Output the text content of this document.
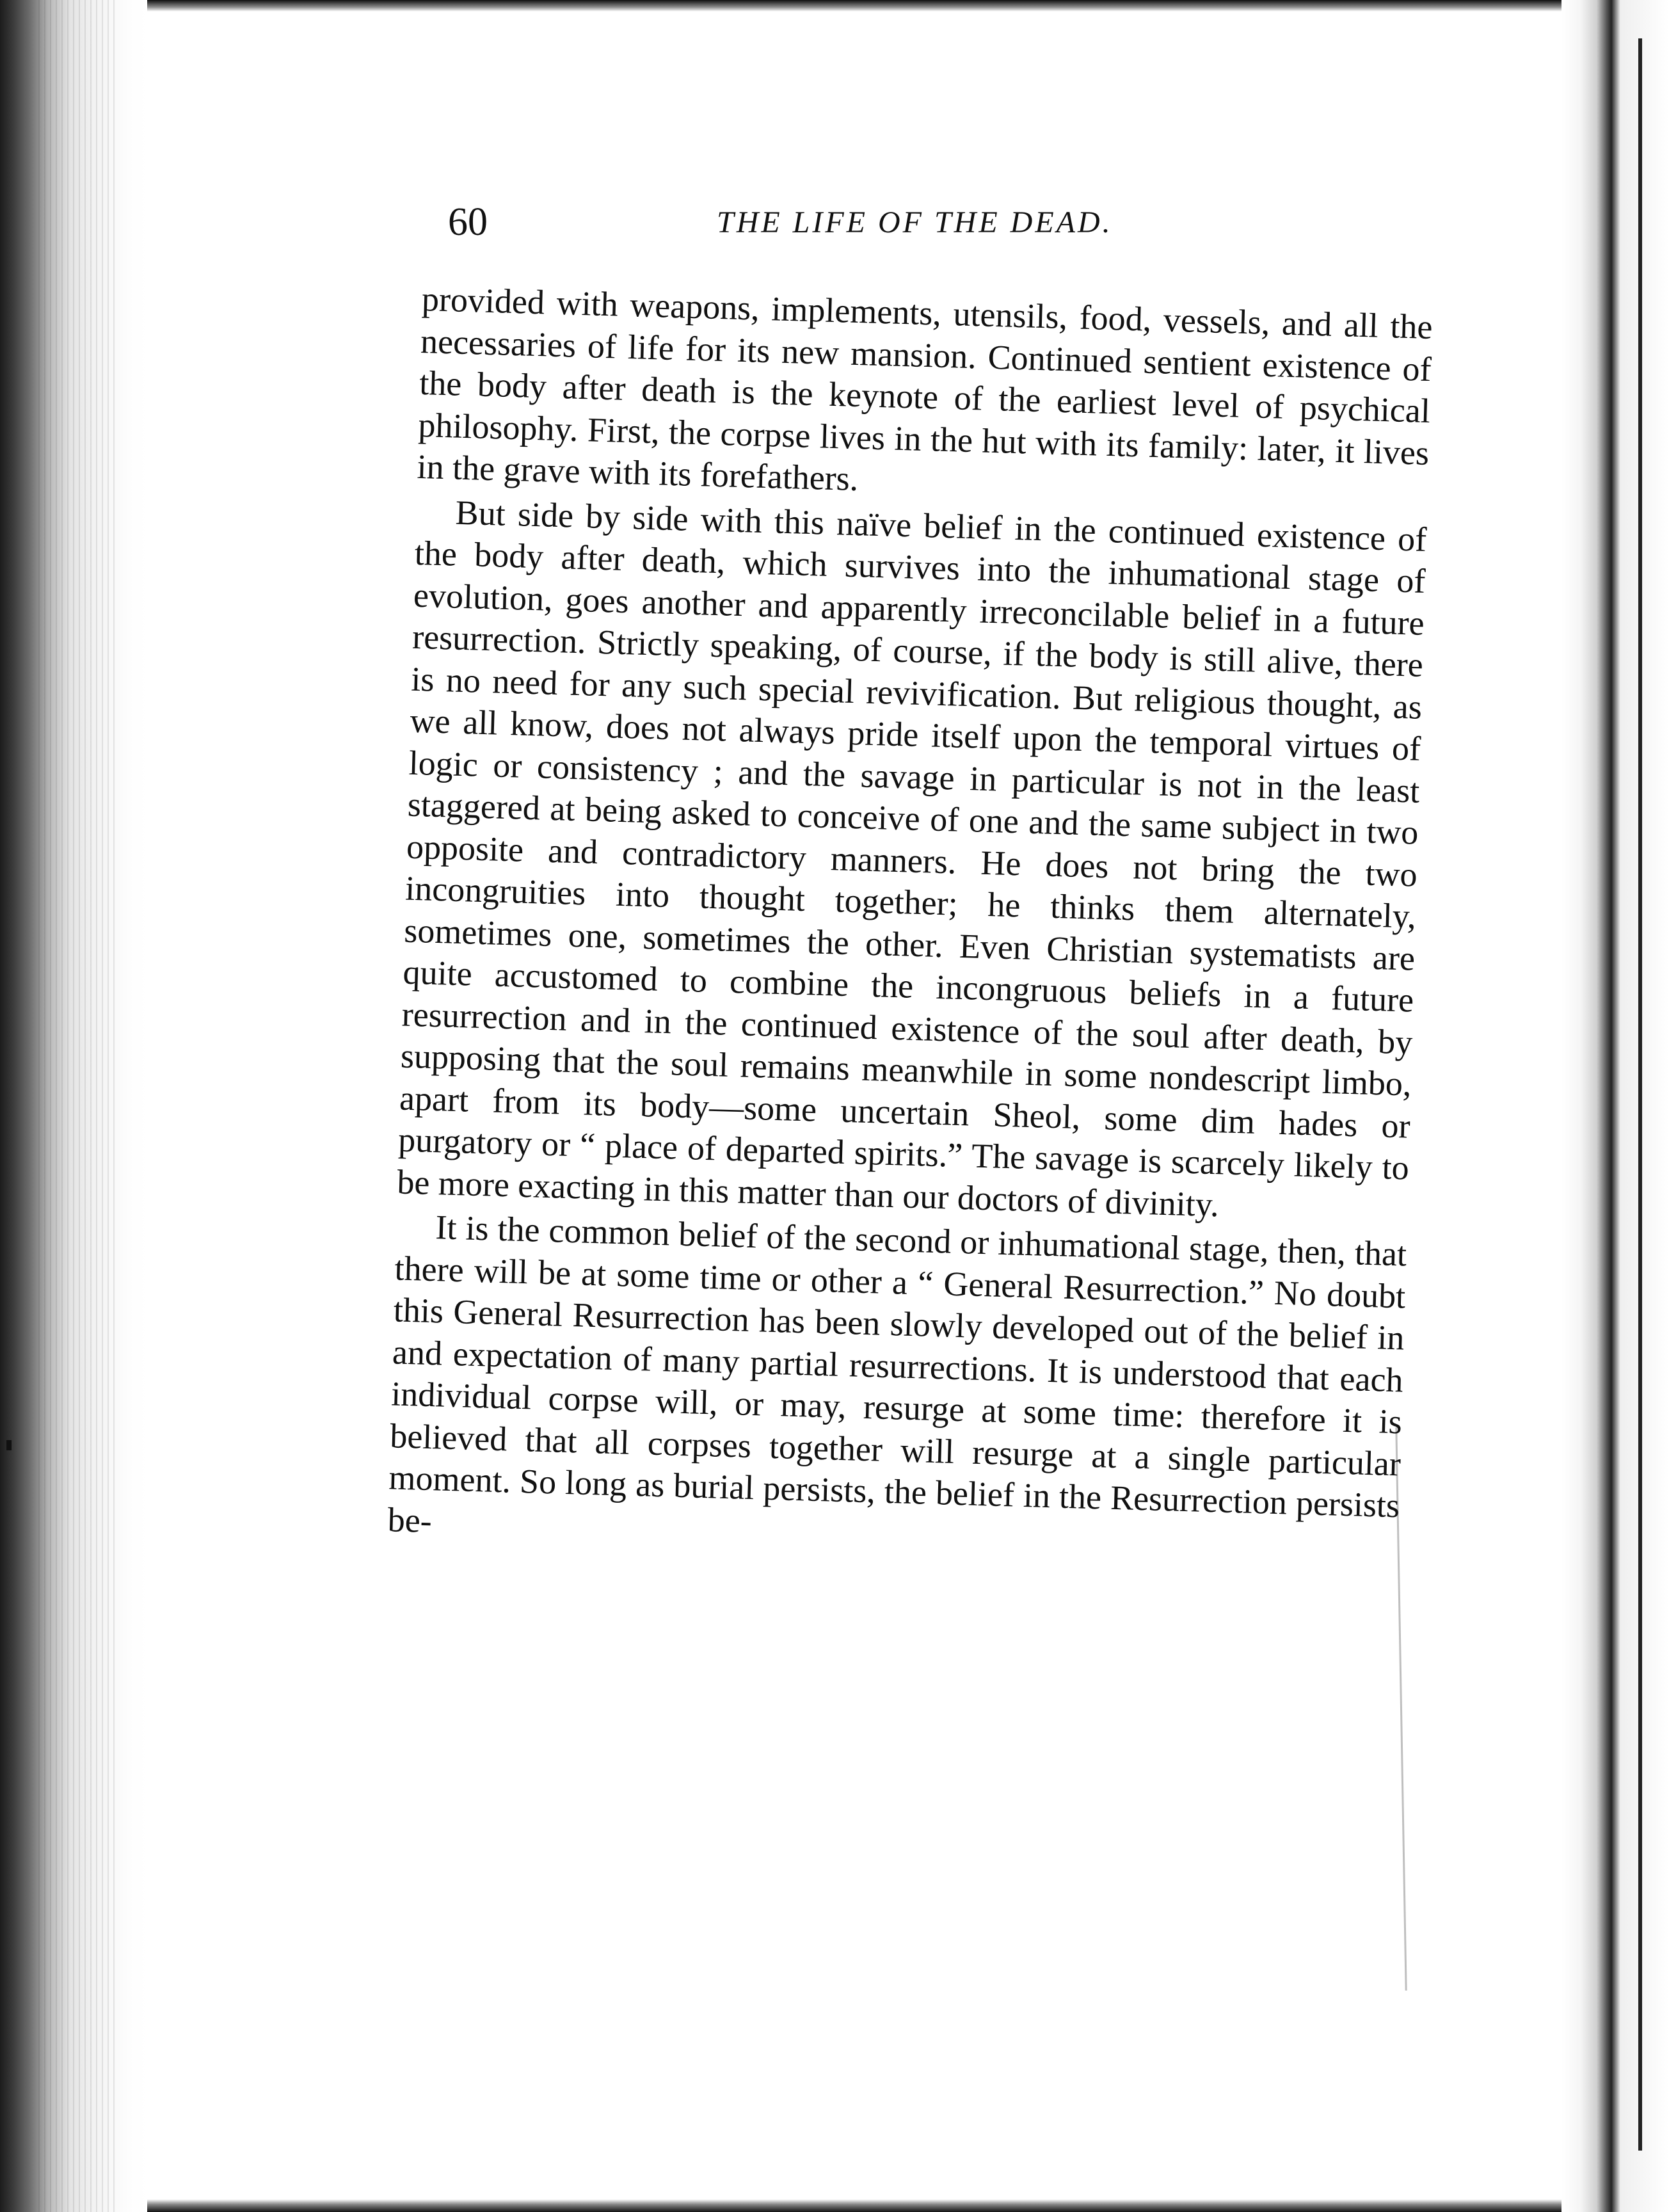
60	THE LIFE OF THE DEAD.

provided with weapons, implements, utensils, food, vessels, and all the necessaries of life for its new mansion. Continued sentient existence of the body after death is the keynote of the earliest level of psychical philosophy. First, the corpse lives in the hut with its family: later, it lives in the grave with its forefathers.

But side by side with this naïve belief in the continued existence of the body after death, which survives into the inhumational stage of evolution, goes another and apparently irreconcilable belief in a future resurrection. Strictly speaking, of course, if the body is still alive, there is no need for any such special revivification. But religious thought, as we all know, does not always pride itself upon the temporal virtues of logic or consistency ; and the savage in particular is not in the least staggered at being asked to conceive of one and the same subject in two opposite and contradictory manners. He does not bring the two incongruities into thought together; he thinks them alternately, sometimes one, sometimes the other. Even Christian systematists are quite accustomed to combine the incongruous beliefs in a future resurrection and in the continued existence of the soul after death, by supposing that the soul remains meanwhile in some nondescript limbo, apart from its body—some uncertain Sheol, some dim hades or purgatory or “ place of departed spirits.” The savage is scarcely likely to be more exacting in this matter than our doctors of divinity.

It is the common belief of the second or inhumational stage, then, that there will be at some time or other a “ General Resurrection.” No doubt this General Resurrection has been slowly developed out of the belief in and expectation of many partial resurrections. It is understood that each individual corpse will, or may, resurge at some time: therefore it is believed that all corpses together will resurge at a single particular moment. So long as burial persists, the belief in the Resurrection persists be-
